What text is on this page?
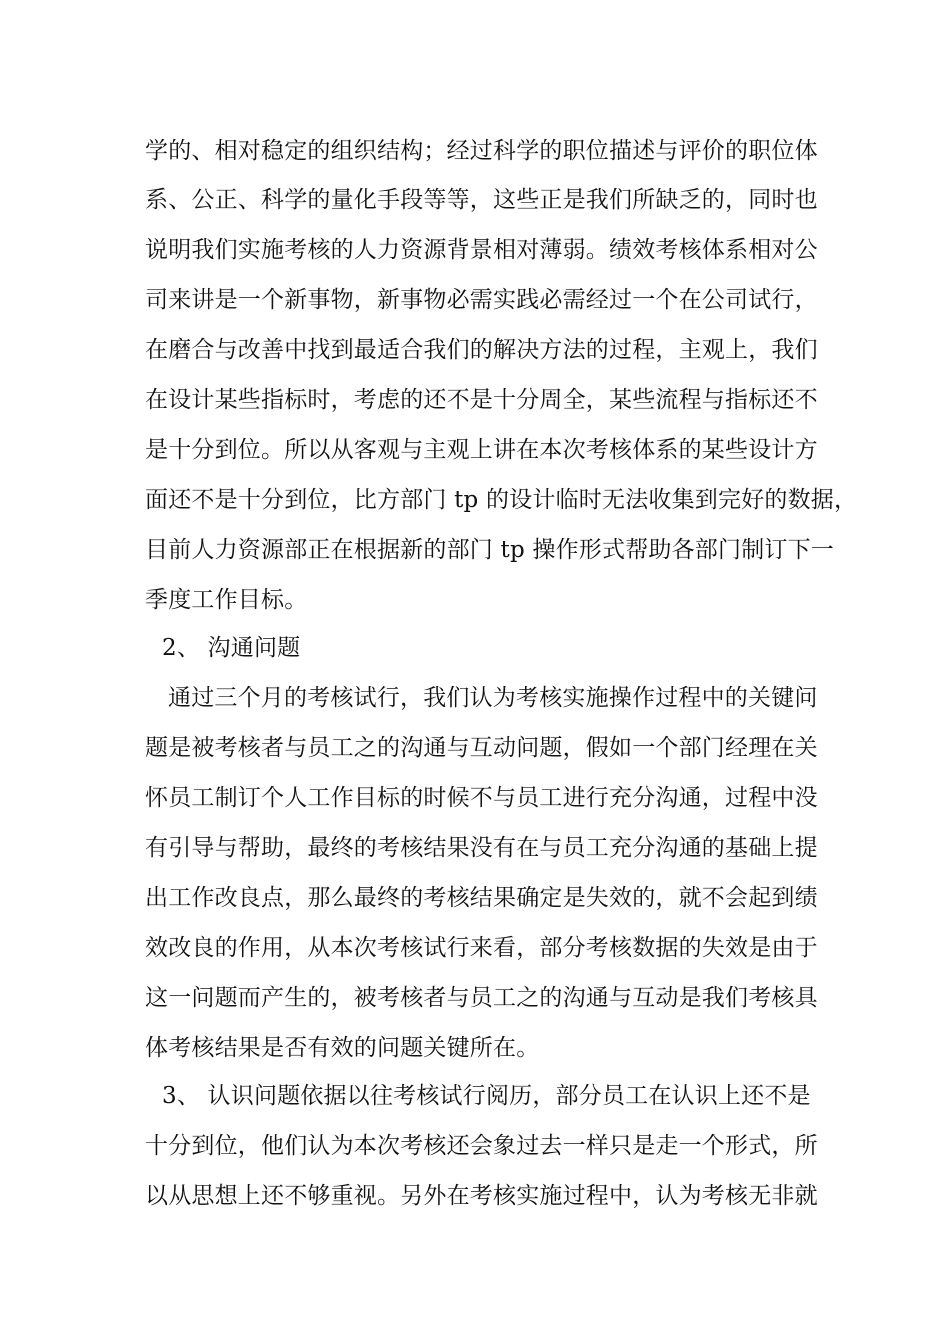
学的、相对稳定的组织结构；经过科学的职位描述与评价的职位体
系、公正、科学的量化手段等等，这些正是我们所缺乏的，同时也
说明我们实施考核的人力资源背景相对薄弱。绩效考核体系相对公
司来讲是一个新事物，新事物必需实践必需经过一个在公司试行，
在磨合与改善中找到最适合我们的解决方法的过程，主观上，我们
在设计某些指标时，考虑的还不是十分周全，某些流程与指标还不
是十分到位。所以从客观与主观上讲在本次考核体系的某些设计方
面还不是十分到位，比方部门 tp 的设计临时无法收集到完好的数据，
目前人力资源部正在根据新的部门 tp 操作形式帮助各部门制订下一
季度工作目标。
2、 沟通问题
通过三个月的考核试行，我们认为考核实施操作过程中的关键问
题是被考核者与员工之的沟通与互动问题，假如一个部门经理在关
怀员工制订个人工作目标的时候不与员工进行充分沟通，过程中没
有引导与帮助，最终的考核结果没有在与员工充分沟通的基础上提
出工作改良点，那么最终的考核结果确定是失效的，就不会起到绩
效改良的作用，从本次考核试行来看，部分考核数据的失效是由于
这一问题而产生的，被考核者与员工之的沟通与互动是我们考核具
体考核结果是否有效的问题关键所在。
3、 认识问题依据以往考核试行阅历，部分员工在认识上还不是
十分到位，他们认为本次考核还会象过去一样只是走一个形式，所
以从思想上还不够重视。另外在考核实施过程中，认为考核无非就
